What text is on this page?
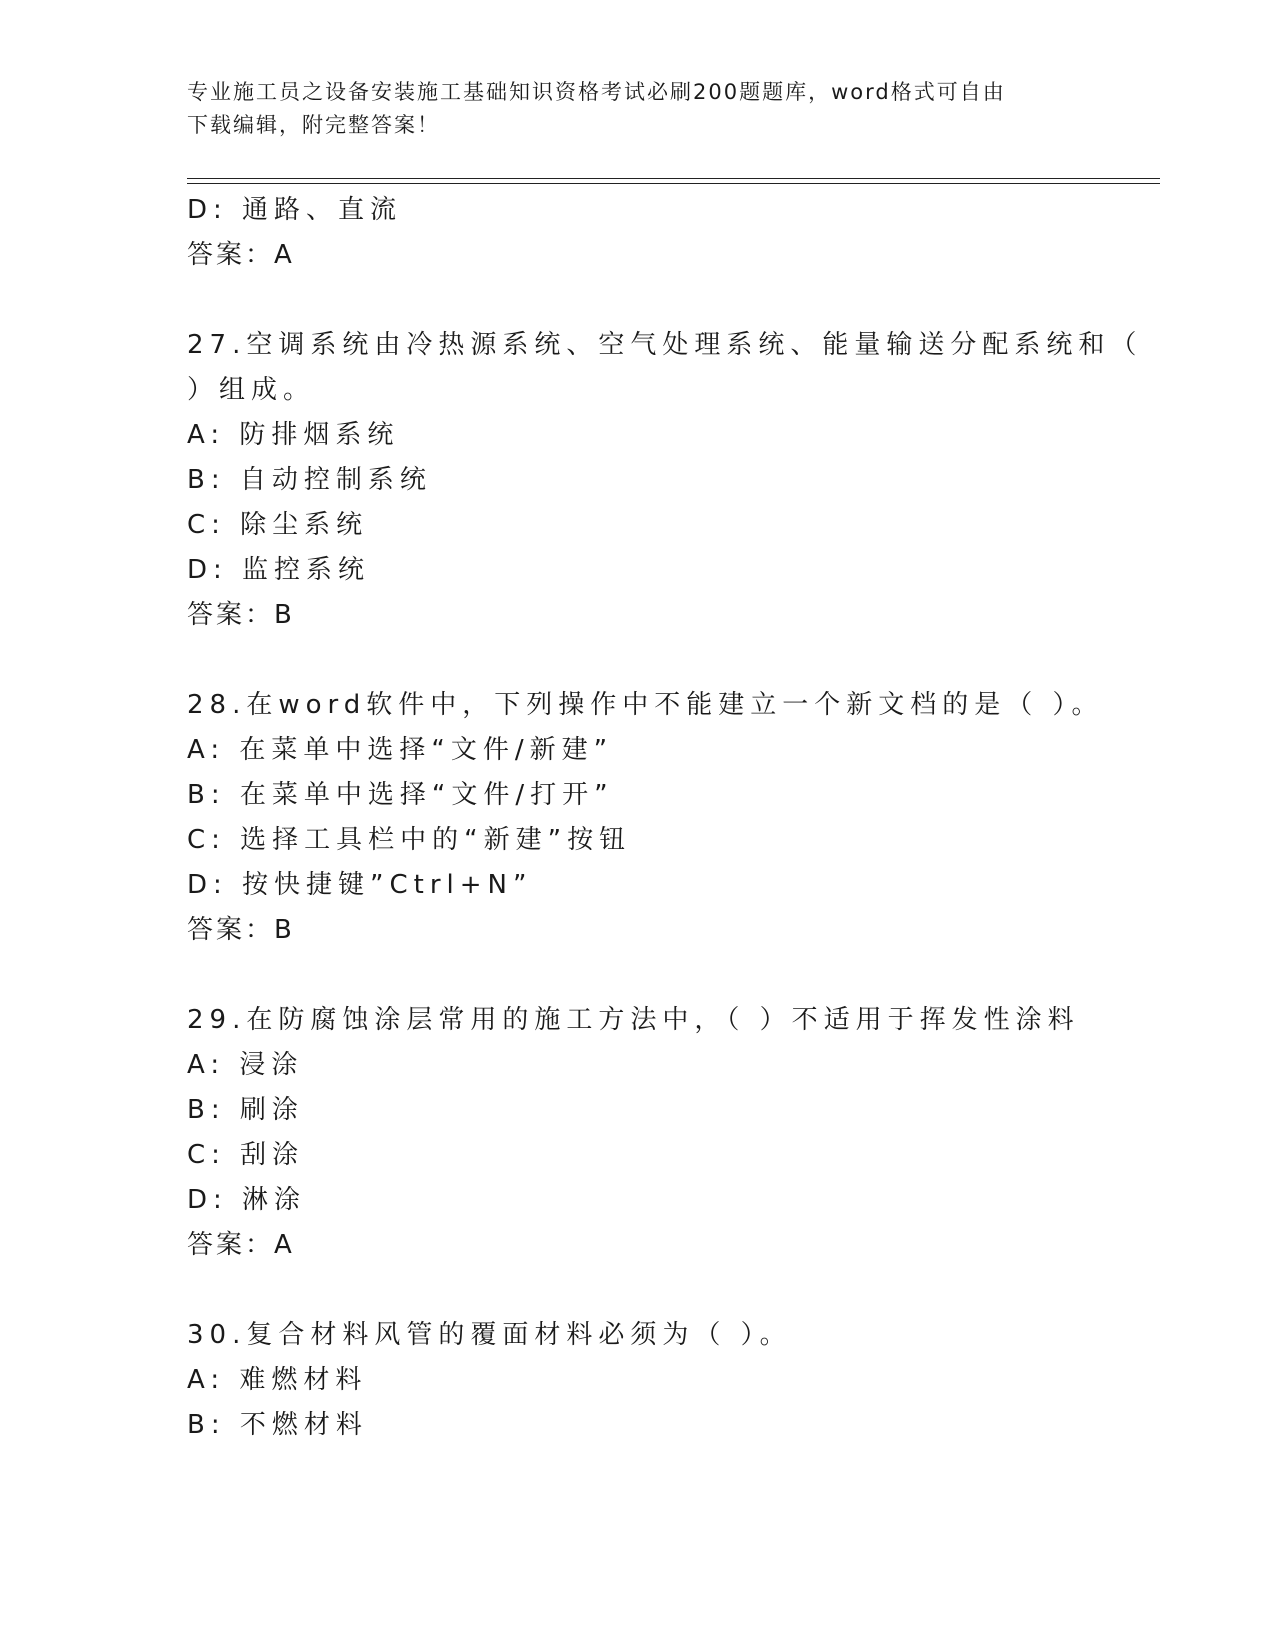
专业施工员之设备安装施工基础知识资格考试必刷200题题库，word格式可自由
下载编辑，附完整答案！
D: 通路、直流
答案：A
27.空调系统由冷热源系统、空气处理系统、能量输送分配系统和（
）组成。
A: 防排烟系统
B: 自动控制系统
C: 除尘系统
D: 监控系统
答案：B
28.在word软件中，下列操作中不能建立一个新文档的是（ ）。
A: 在菜单中选择“文件/新建”
B: 在菜单中选择“文件/打开”
C: 选择工具栏中的“新建”按钮
D: 按快捷键”Ctrl+N”
答案：B
29.在防腐蚀涂层常用的施工方法中，（ ）不适用于挥发性涂料
A: 浸涂
B: 刷涂
C: 刮涂
D: 淋涂
答案：A
30.复合材料风管的覆面材料必须为（ ）。
A: 难燃材料
B: 不燃材料
